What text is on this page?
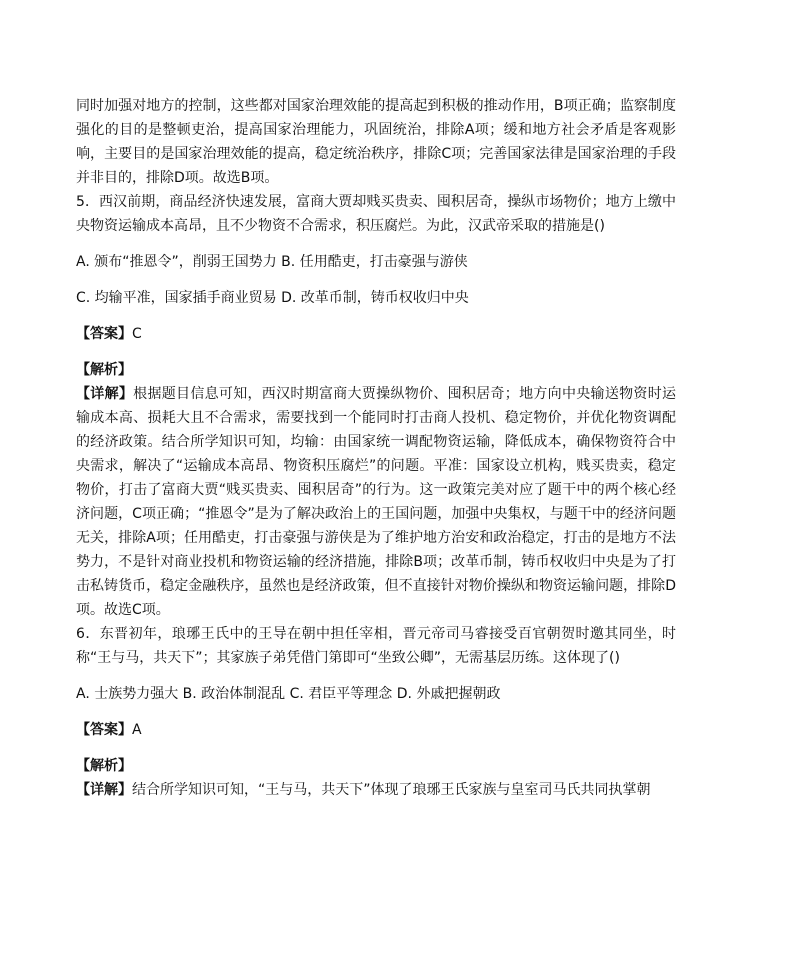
同时加强对地方的控制，这些都对国家治理效能的提高起到积极的推动作用，B项正确；监察制度强化的目的是整顿吏治，提高国家治理能力，巩固统治，排除A项；缓和地方社会矛盾是客观影响，主要目的是国家治理效能的提高，稳定统治秩序，排除C项；完善国家法律是国家治理的手段并非目的，排除D项。故选B项。

5．西汉前期，商品经济快速发展，富商大贾却贱买贵卖、囤积居奇，操纵市场物价；地方上缴中央物资运输成本高昂，且不少物资不合需求，积压腐烂。为此，汉武帝采取的措施是()

A. 颁布“推恩令”，削弱王国势力 B. 任用酷吏，打击豪强与游侠

C. 均输平准，国家插手商业贸易 D. 改革币制，铸币权收归中央

【答案】C

【解析】

【详解】根据题目信息可知，西汉时期富商大贾操纵物价、囤积居奇；地方向中央输送物资时运输成本高、损耗大且不合需求，需要找到一个能同时打击商人投机、稳定物价，并优化物资调配的经济政策。结合所学知识可知，均输：由国家统一调配物资运输，降低成本，确保物资符合中央需求，解决了“运输成本高昂、物资积压腐烂”的问题。平准：国家设立机构，贱买贵卖，稳定物价，打击了富商大贾“贱买贵卖、囤积居奇”的行为。这一政策完美对应了题干中的两个核心经济问题，C项正确；“推恩令”是为了解决政治上的王国问题，加强中央集权，与题干中的经济问题无关，排除A项；任用酷吏，打击豪强与游侠是为了维护地方治安和政治稳定，打击的是地方不法势力，不是针对商业投机和物资运输的经济措施，排除B项；改革币制，铸币权收归中央是为了打击私铸货币，稳定金融秩序，虽然也是经济政策，但不直接针对物价操纵和物资运输问题，排除D项。故选C项。

6．东晋初年，琅琊王氏中的王导在朝中担任宰相，晋元帝司马睿接受百官朝贺时邀其同坐，时称“王与马，共天下”；其家族子弟凭借门第即可“坐致公卿”，无需基层历练。这体现了()

A. 士族势力强大 B. 政治体制混乱 C. 君臣平等理念 D. 外戚把握朝政

【答案】A

【解析】

【详解】结合所学知识可知，“王与马，共天下”体现了琅琊王氏家族与皇室司马氏共同执掌朝
